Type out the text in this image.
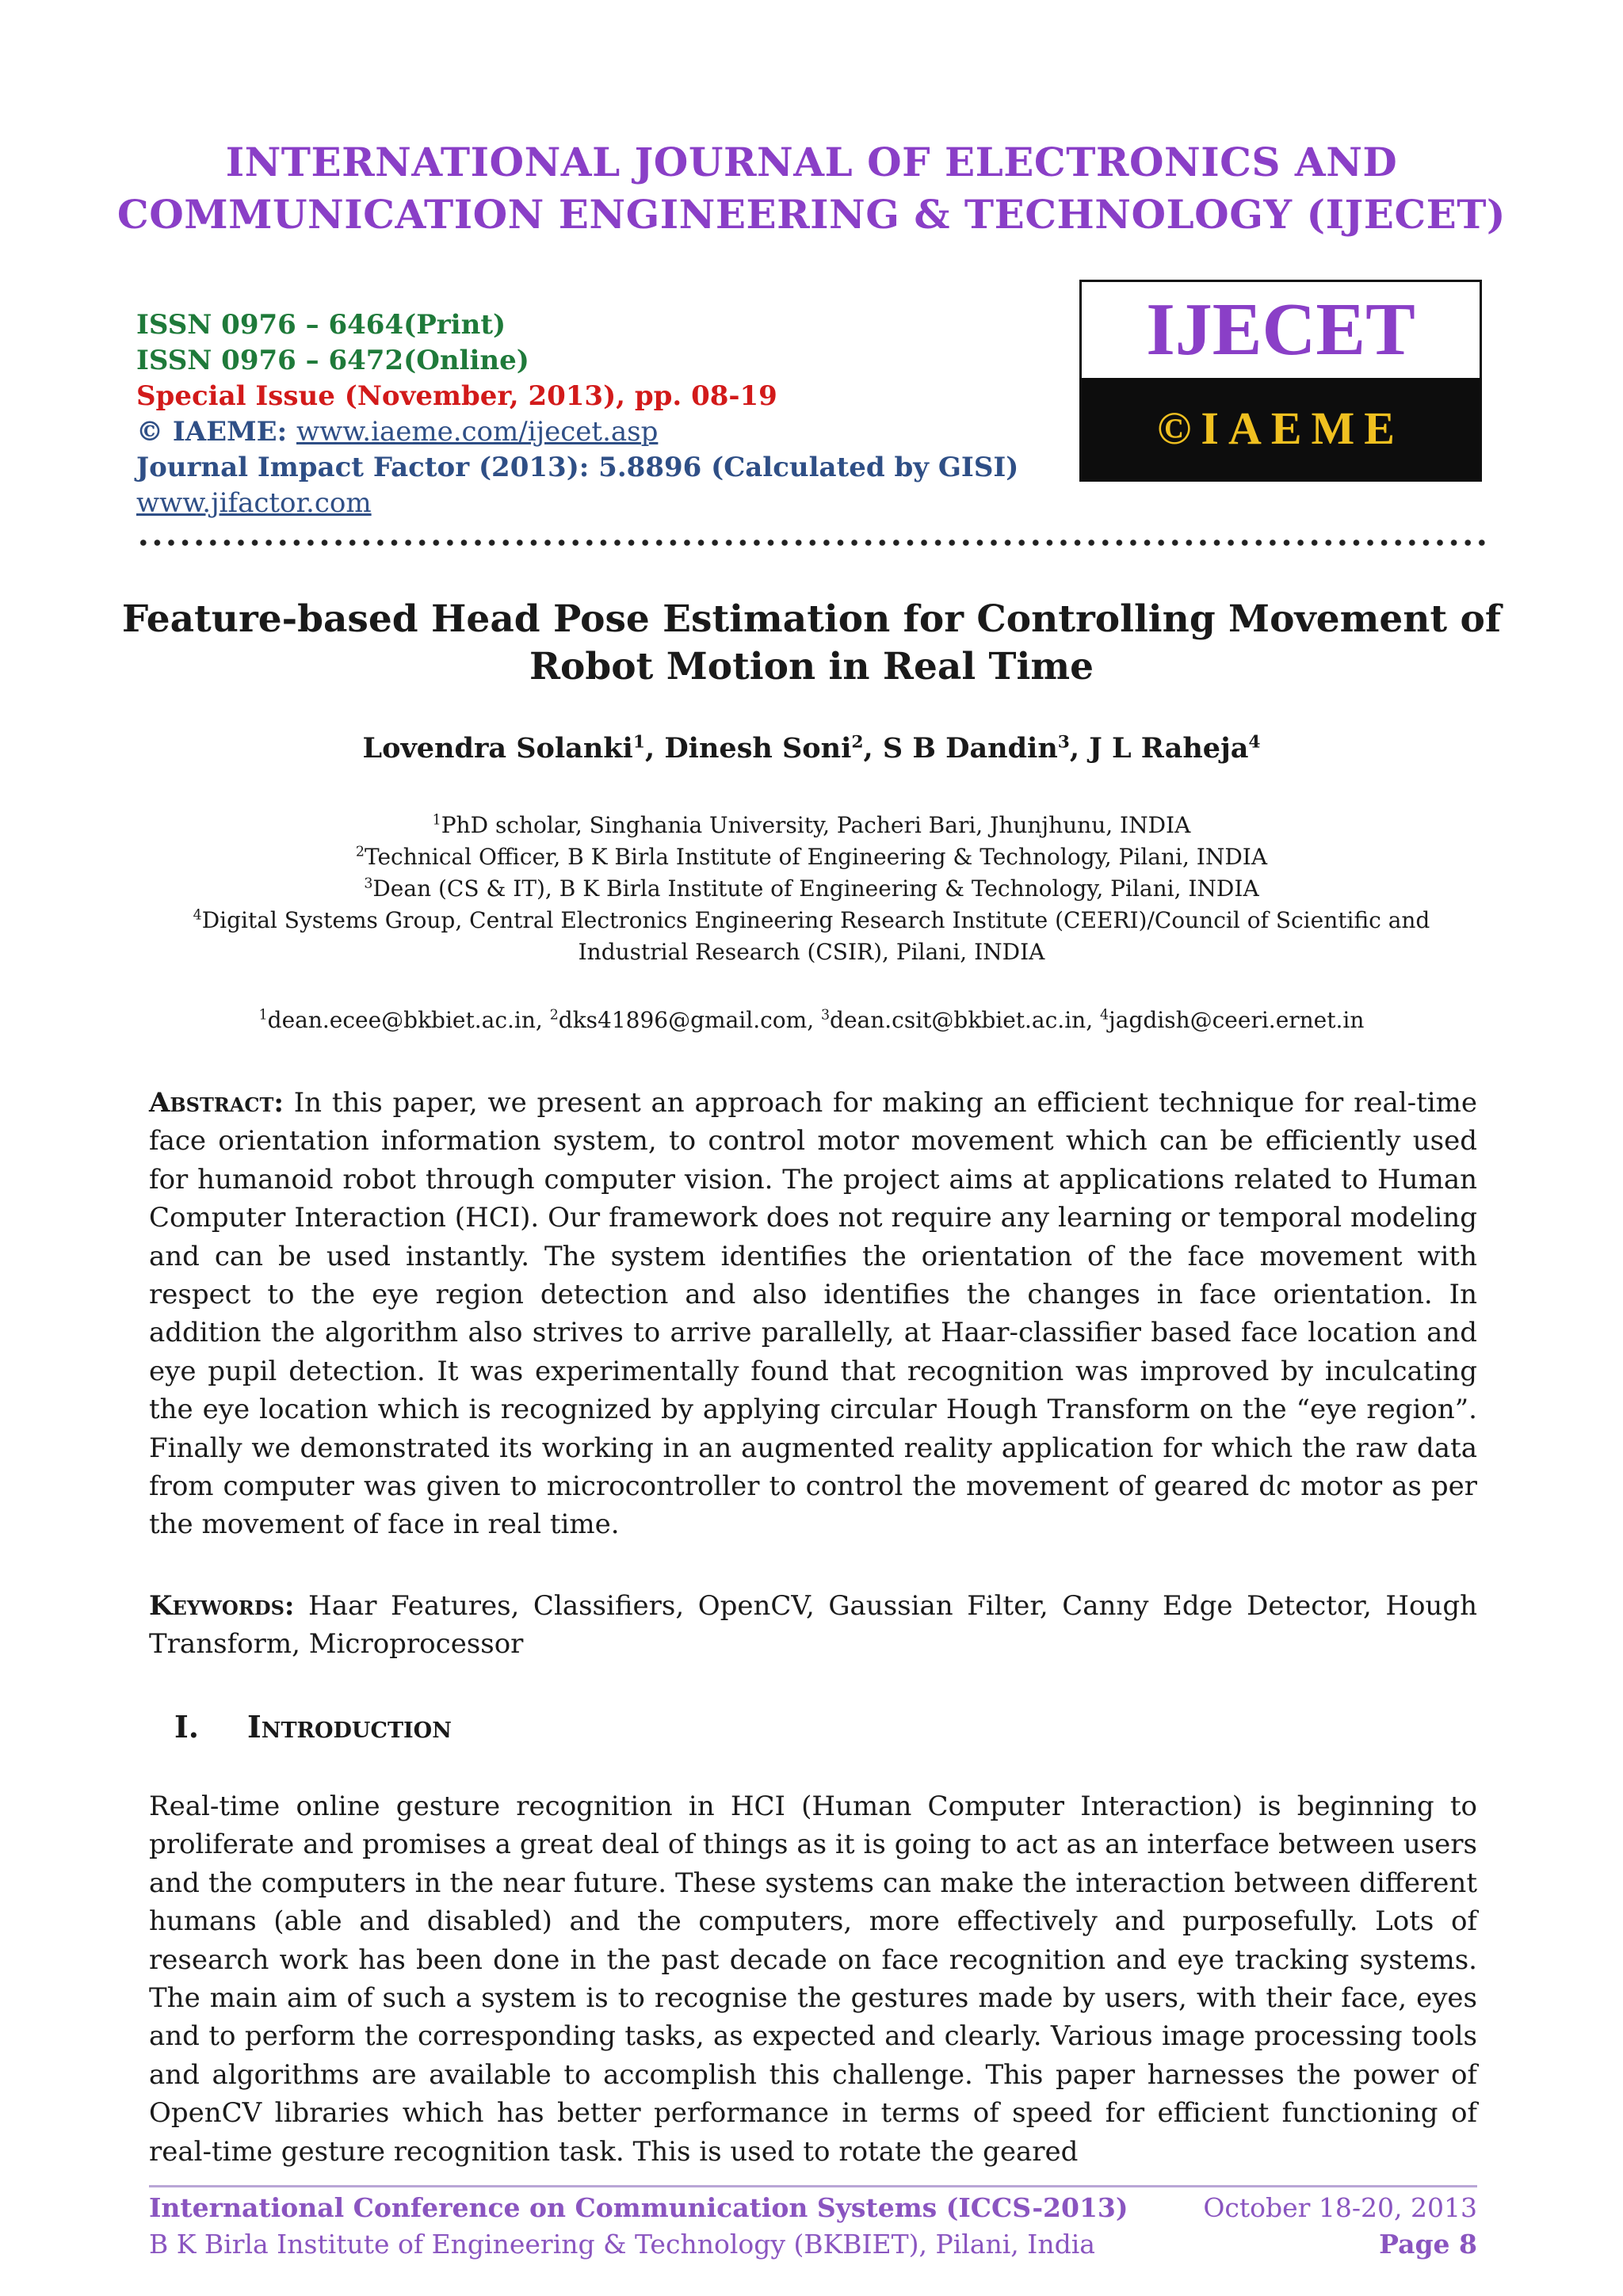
INTERNATIONAL JOURNAL OF ELECTRONICS AND
COMMUNICATION ENGINEERING & TECHNOLOGY (IJECET)
ISSN 0976 – 6464(Print)
ISSN 0976 – 6472(Online)
Special Issue (November, 2013), pp. 08-19
© IAEME: www.iaeme.com/ijecet.asp
Journal Impact Factor (2013): 5.8896 (Calculated by GISI)
www.jifactor.com
IJECET
©IAEME
Feature-based Head Pose Estimation for Controlling Movement of
Robot Motion in Real Time
Lovendra Solanki$^1$, Dinesh Soni$^2$, S B Dandin$^3$, J L Raheja$^4$
$^1$PhD scholar, Singhania University, Pacheri Bari, Jhunjhunu, INDIA
$^2$Technical Officer, B K Birla Institute of Engineering & Technology, Pilani, INDIA
$^3$Dean (CS & IT), B K Birla Institute of Engineering & Technology, Pilani, INDIA
$^4$Digital Systems Group, Central Electronics Engineering Research Institute (CEERI)/Council of Scientific and
Industrial Research (CSIR), Pilani, INDIA
$^1$dean.ecee@bkbiet.ac.in, $^2$dks41896@gmail.com, $^3$dean.csit@bkbiet.ac.in, $^4$jagdish@ceeri.ernet.in
Abstract: In this paper, we present an approach for making an efficient technique for real-time face orientation information system, to control motor movement which can be efficiently used for humanoid robot through computer vision. The project aims at applications related to Human Computer Interaction (HCI). Our framework does not require any learning or temporal modeling and can be used instantly. The system identifies the orientation of the face movement with respect to the eye region detection and also identifies the changes in face orientation. In addition the algorithm also strives to arrive parallelly, at Haar-classifier based face location and eye pupil detection. It was experimentally found that recognition was improved by inculcating the eye location which is recognized by applying circular Hough Transform on the “eye region”. Finally we demonstrated its working in an augmented reality application for which the raw data from computer was given to microcontroller to control the movement of geared dc motor as per the movement of face in real time.
Keywords: Haar Features, Classifiers, OpenCV, Gaussian Filter, Canny Edge Detector, Hough Transform, Microprocessor
I. Introduction
Real-time online gesture recognition in HCI (Human Computer Interaction) is beginning to proliferate and promises a great deal of things as it is going to act as an interface between users and the computers in the near future. These systems can make the interaction between different humans (able and disabled) and the computers, more effectively and purposefully. Lots of research work has been done in the past decade on face recognition and eye tracking systems. The main aim of such a system is to recognise the gestures made by users, with their face, eyes and to perform the corresponding tasks, as expected and clearly. Various image processing tools and algorithms are available to accomplish this challenge. This paper harnesses the power of OpenCV libraries which has better performance in terms of speed for efficient functioning of real-time gesture recognition task. This is used to rotate the geared
International Conference on Communication Systems (ICCS-2013)	October 18-20, 2013
B K Birla Institute of Engineering & Technology (BKBIET), Pilani, India	Page 8
